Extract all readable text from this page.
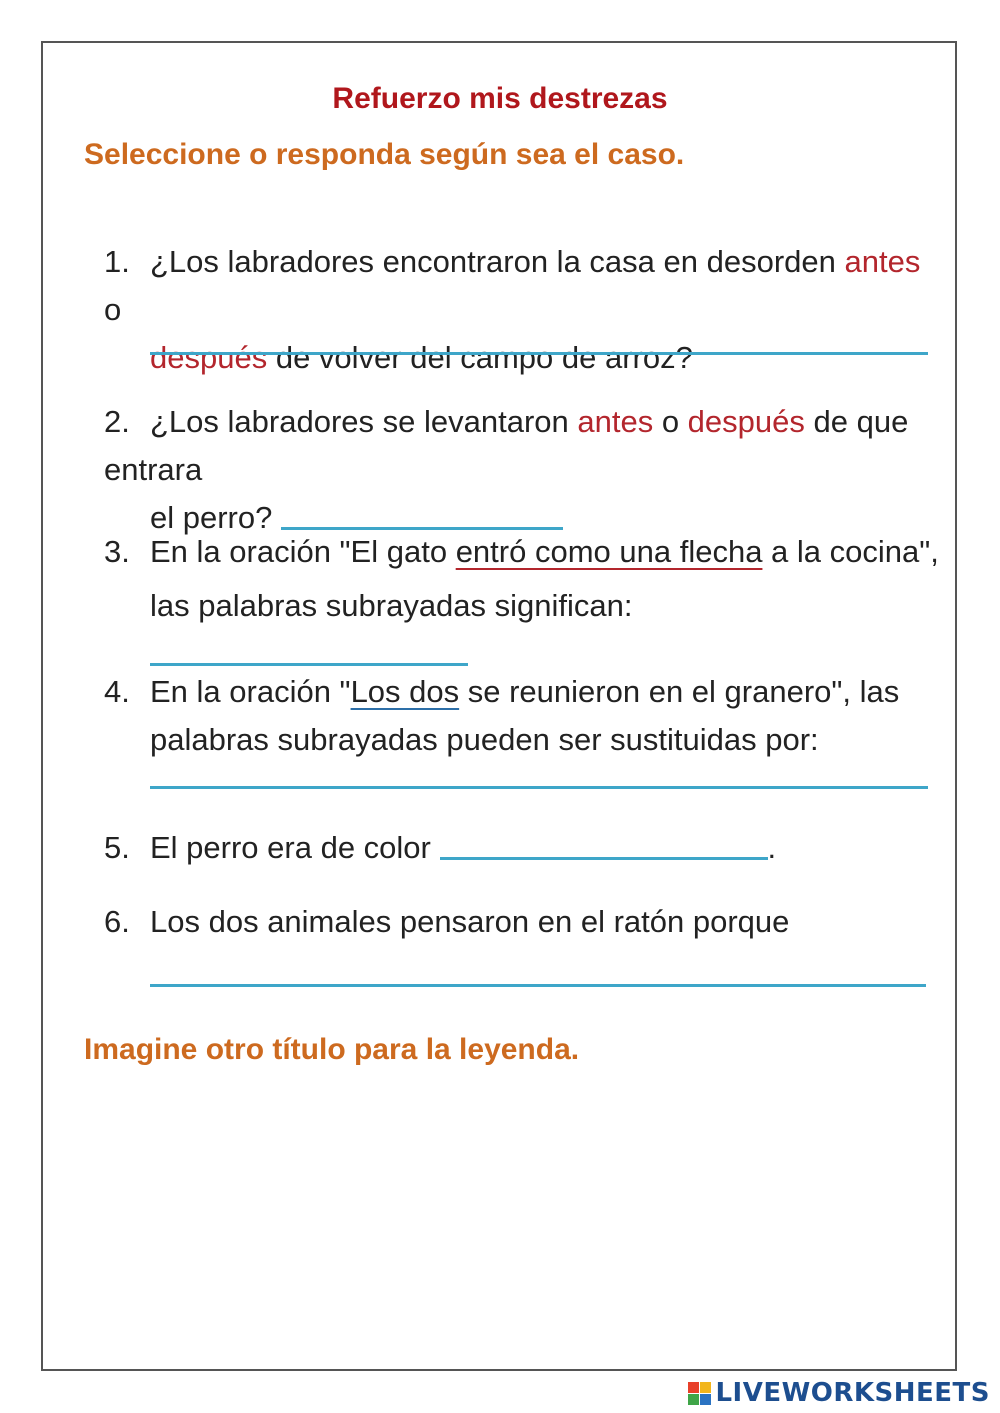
Refuerzo mis destrezas
Seleccione o responda según sea el caso.
1. ¿Los labradores encontraron la casa en desorden antes o
después de volver del campo de arroz?
2. ¿Los labradores se levantaron antes o después de que entrara
el perro?
3. En la oración "El gato entró como una flecha a la cocina",
las palabras subrayadas significan:
4. En la oración "Los dos se reunieron en el granero", las
palabras subrayadas pueden ser sustituidas por:
5. El perro era de color	.
6. Los dos animales pensaron en el ratón porque
Imagine otro título para la leyenda.
LIVEWORKSHEETS
